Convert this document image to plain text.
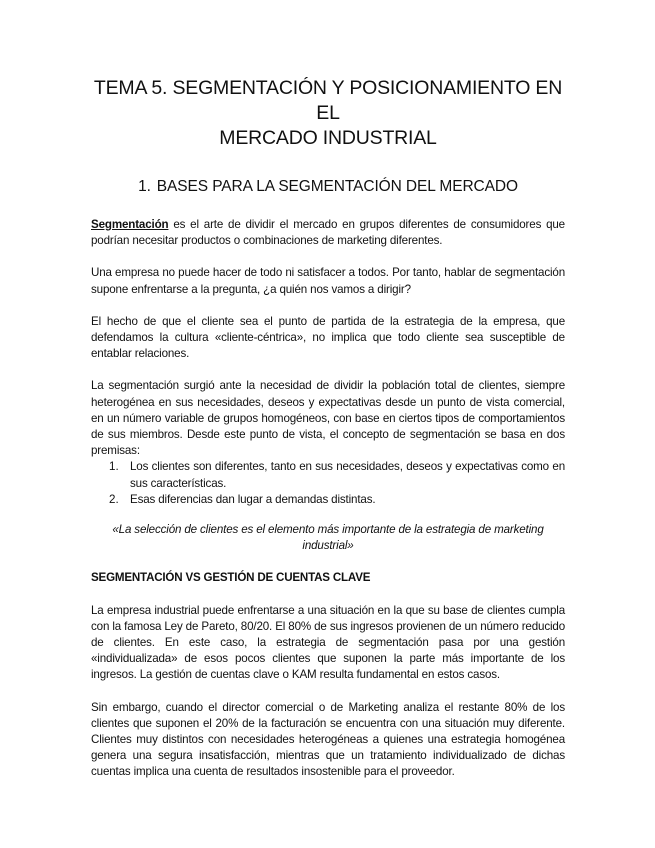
TEMA 5. SEGMENTACIÓN Y POSICIONAMIENTO EN EL
MERCADO INDUSTRIAL
1. BASES PARA LA SEGMENTACIÓN DEL MERCADO

Segmentación es el arte de dividir el mercado en grupos diferentes de consumidores que podrían necesitar productos o combinaciones de marketing diferentes.

Una empresa no puede hacer de todo ni satisfacer a todos. Por tanto, hablar de segmentación supone enfrentarse a la pregunta, ¿a quién nos vamos a dirigir?

El hecho de que el cliente sea el punto de partida de la estrategia de la empresa, que defendamos la cultura «cliente-céntrica», no implica que todo cliente sea susceptible de entablar relaciones.

La segmentación surgió ante la necesidad de dividir la población total de clientes, siempre heterogénea en sus necesidades, deseos y expectativas desde un punto de vista comercial, en un número variable de grupos homogéneos, con base en ciertos tipos de comportamientos de sus miembros. Desde este punto de vista, el concepto de segmentación se basa en dos premisas:

1. Los clientes son diferentes, tanto en sus necesidades, deseos y expectativas como en sus características.
2. Esas diferencias dan lugar a demandas distintas.

«La selección de clientes es el elemento más importante de la estrategia de marketing industrial»

SEGMENTACIÓN VS GESTIÓN DE CUENTAS CLAVE

La empresa industrial puede enfrentarse a una situación en la que su base de clientes cumpla con la famosa Ley de Pareto, 80/20. El 80% de sus ingresos provienen de un número reducido de clientes. En este caso, la estrategia de segmentación pasa por una gestión «individualizada» de esos pocos clientes que suponen la parte más importante de los ingresos. La gestión de cuentas clave o KAM resulta fundamental en estos casos.

Sin embargo, cuando el director comercial o de Marketing analiza el restante 80% de los clientes que suponen el 20% de la facturación se encuentra con una situación muy diferente. Clientes muy distintos con necesidades heterogéneas a quienes una estrategia homogénea genera una segura insatisfacción, mientras que un tratamiento individualizado de dichas cuentas implica una cuenta de resultados insostenible para el proveedor.
